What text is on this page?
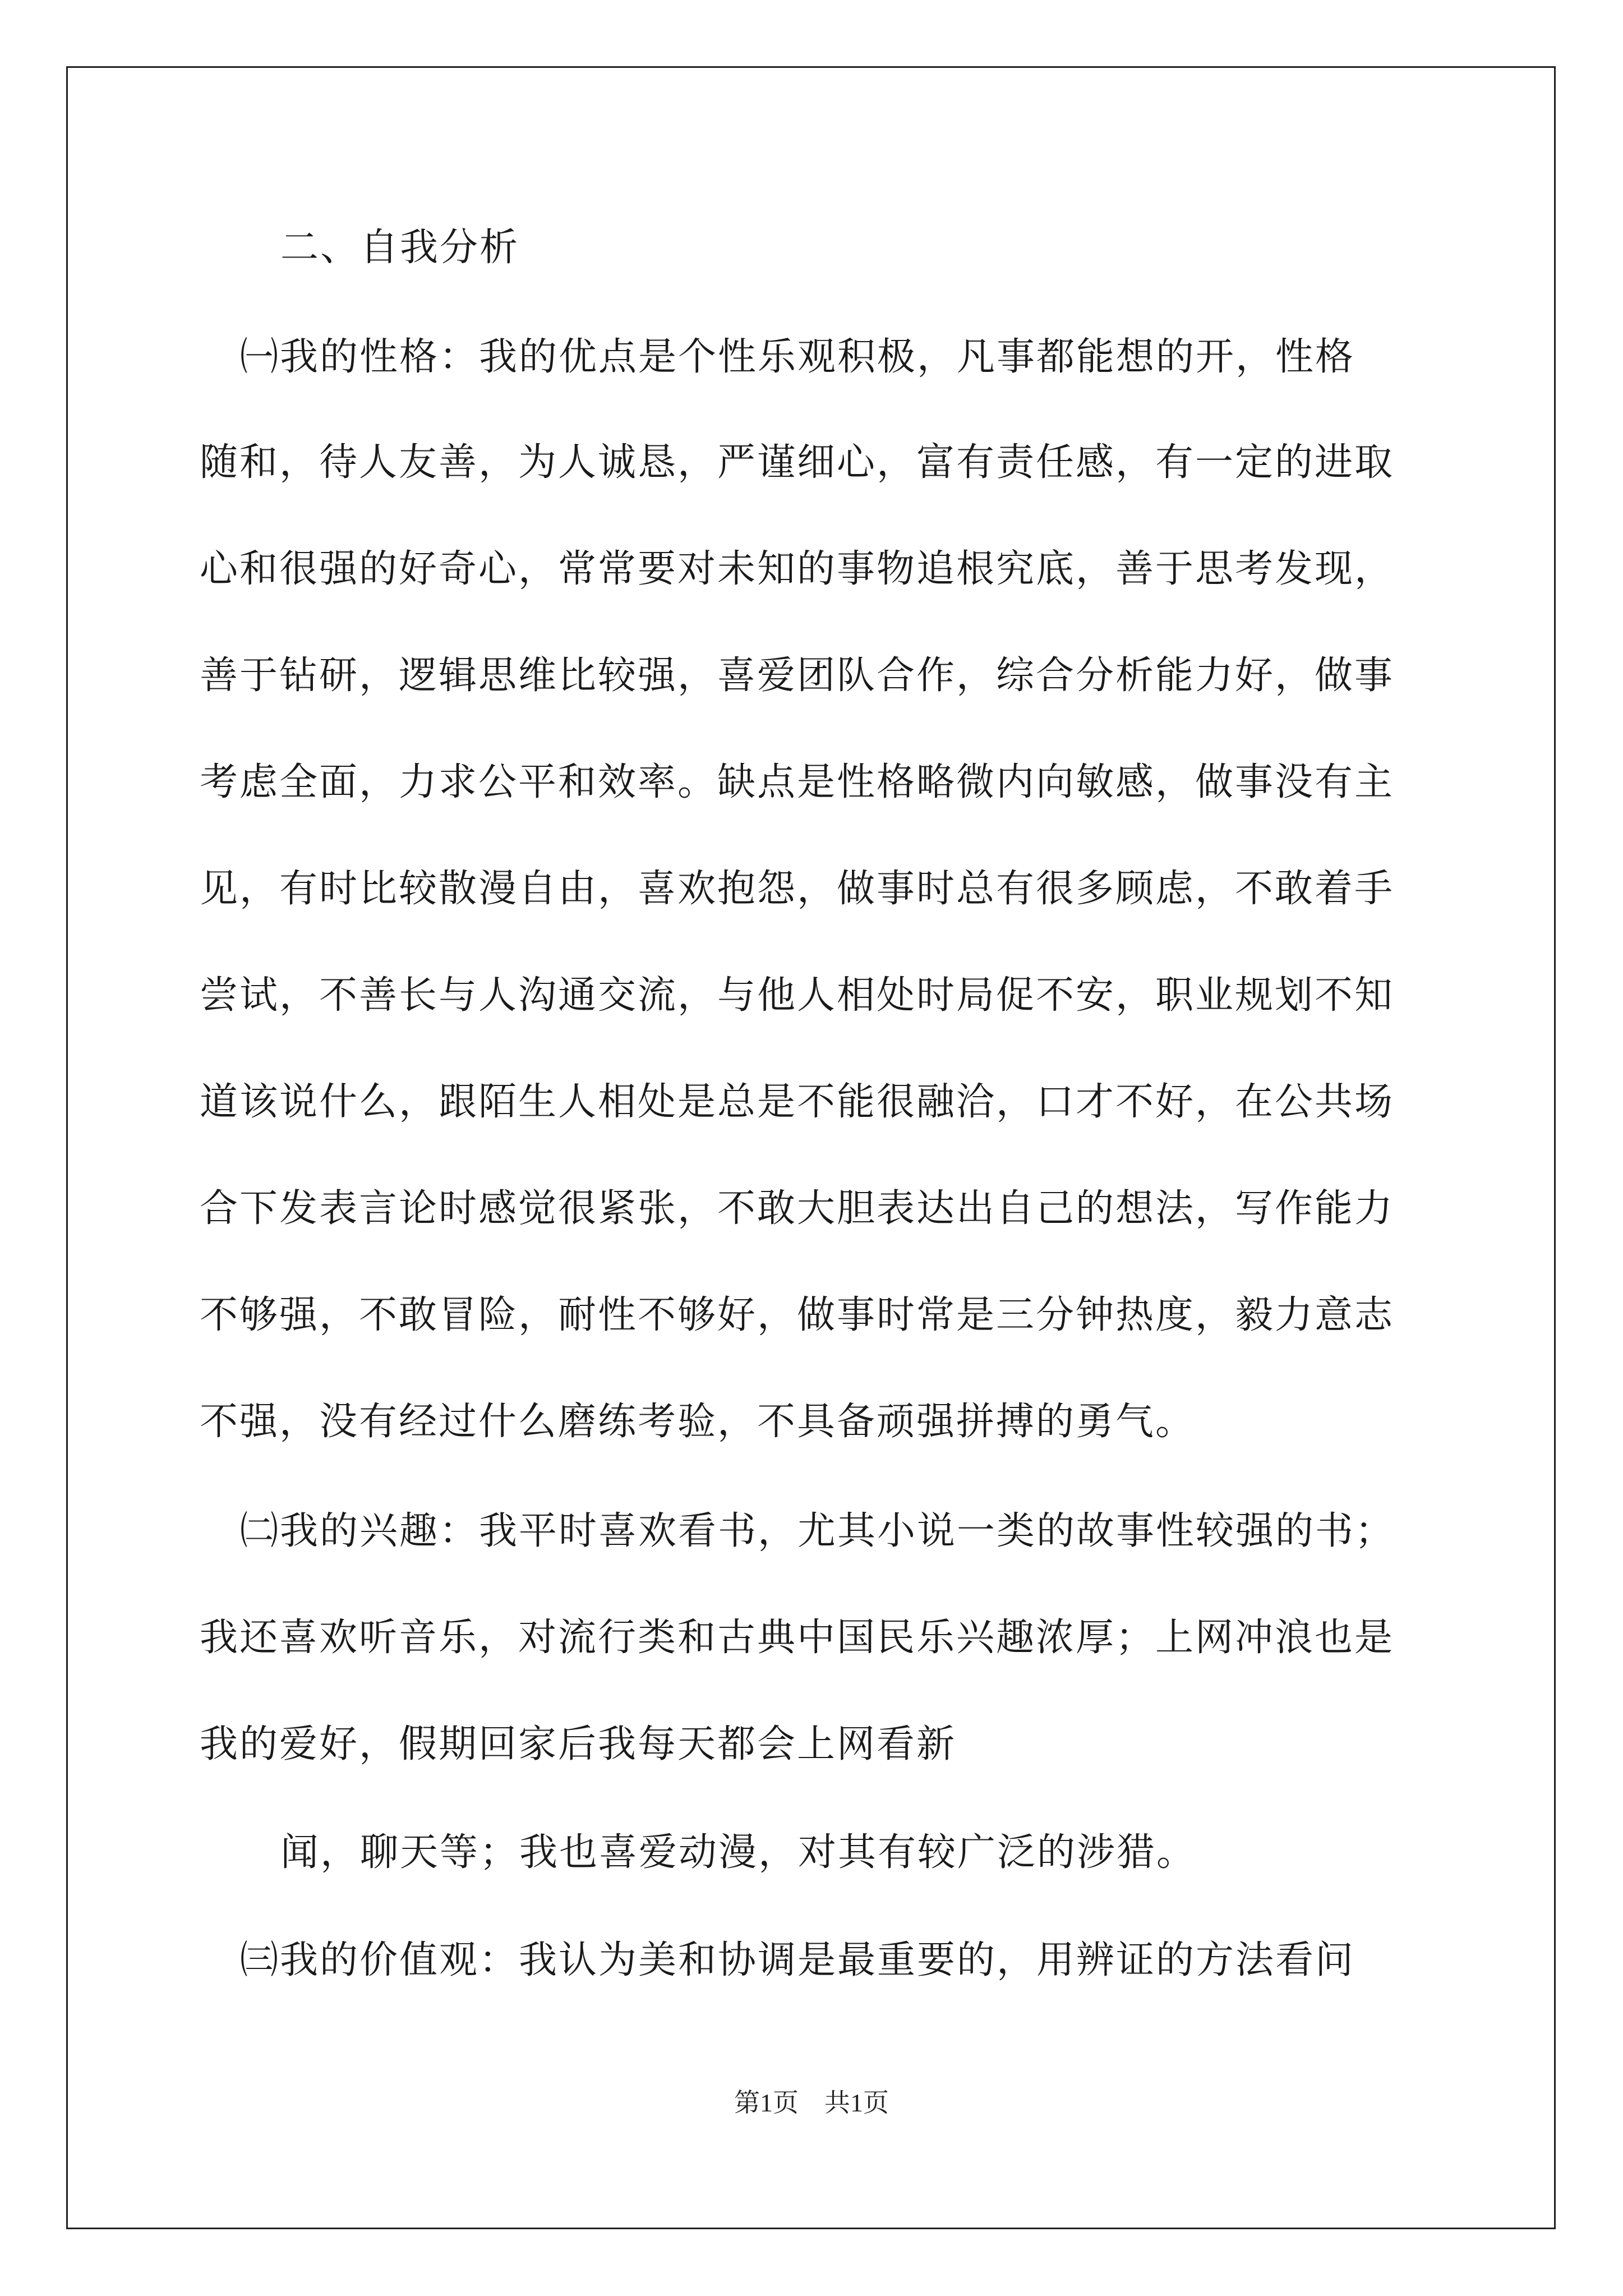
二、自我分析
㈠我的性格：我的优点是个性乐观积极，凡事都能想的开，性格
随和，待人友善，为人诚恳，严谨细心，富有责任感，有一定的进取
心和很强的好奇心，常常要对未知的事物追根究底，善于思考发现，
善于钻研，逻辑思维比较强，喜爱团队合作，综合分析能力好，做事
考虑全面，力求公平和效率。缺点是性格略微内向敏感，做事没有主
见，有时比较散漫自由，喜欢抱怨，做事时总有很多顾虑，不敢着手
尝试，不善长与人沟通交流，与他人相处时局促不安，职业规划不知
道该说什么，跟陌生人相处是总是不能很融洽，口才不好，在公共场
合下发表言论时感觉很紧张，不敢大胆表达出自己的想法，写作能力
不够强，不敢冒险，耐性不够好，做事时常是三分钟热度，毅力意志
不强，没有经过什么磨练考验，不具备顽强拼搏的勇气。
㈡我的兴趣：我平时喜欢看书，尤其小说一类的故事性较强的书；
我还喜欢听音乐，对流行类和古典中国民乐兴趣浓厚；上网冲浪也是
我的爱好，假期回家后我每天都会上网看新
闻，聊天等；我也喜爱动漫，对其有较广泛的涉猎。
㈢我的价值观：我认为美和协调是最重要的，用辨证的方法看问
第1页　共1页
